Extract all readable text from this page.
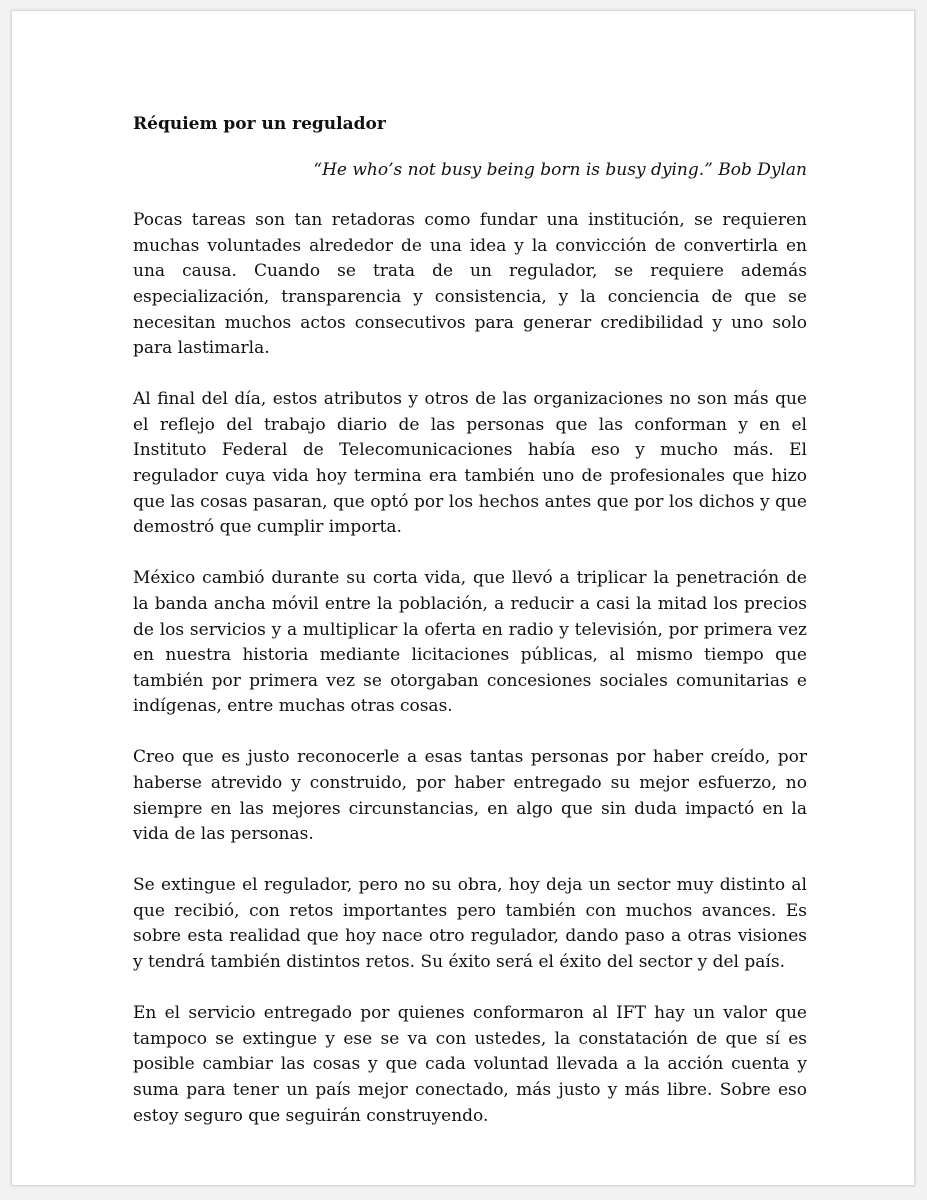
Réquiem por un regulador
“He who’s not busy being born is busy dying.” Bob Dylan

Pocas tareas son tan retadoras como fundar una institución, se requieren muchas voluntades alrededor de una idea y la convicción de convertirla en una causa. Cuando se trata de un regulador, se requiere además especialización, transparencia y consistencia, y la conciencia de que se necesitan muchos actos consecutivos para generar credibilidad y uno solo para lastimarla.

Al final del día, estos atributos y otros de las organizaciones no son más que el reflejo del trabajo diario de las personas que las conforman y en el Instituto Federal de Telecomunicaciones había eso y mucho más. El regulador cuya vida hoy termina era también uno de profesionales que hizo que las cosas pasaran, que optó por los hechos antes que por los dichos y que demostró que cumplir importa.

México cambió durante su corta vida, que llevó a triplicar la penetración de la banda ancha móvil entre la población, a reducir a casi la mitad los precios de los servicios y a multiplicar la oferta en radio y televisión, por primera vez en nuestra historia mediante licitaciones públicas, al mismo tiempo que también por primera vez se otorgaban concesiones sociales comunitarias e indígenas, entre muchas otras cosas.

Creo que es justo reconocerle a esas tantas personas por haber creído, por haberse atrevido y construido, por haber entregado su mejor esfuerzo, no siempre en las mejores circunstancias, en algo que sin duda impactó en la vida de las personas.

Se extingue el regulador, pero no su obra, hoy deja un sector muy distinto al que recibió, con retos importantes pero también con muchos avances. Es sobre esta realidad que hoy nace otro regulador, dando paso a otras visiones y tendrá también distintos retos. Su éxito será el éxito del sector y del país.

En el servicio entregado por quienes conformaron al IFT hay un valor que tampoco se extingue y ese se va con ustedes, la constatación de que sí es posible cambiar las cosas y que cada voluntad llevada a la acción cuenta y suma para tener un país mejor conectado, más justo y más libre. Sobre eso estoy seguro que seguirán construyendo.
